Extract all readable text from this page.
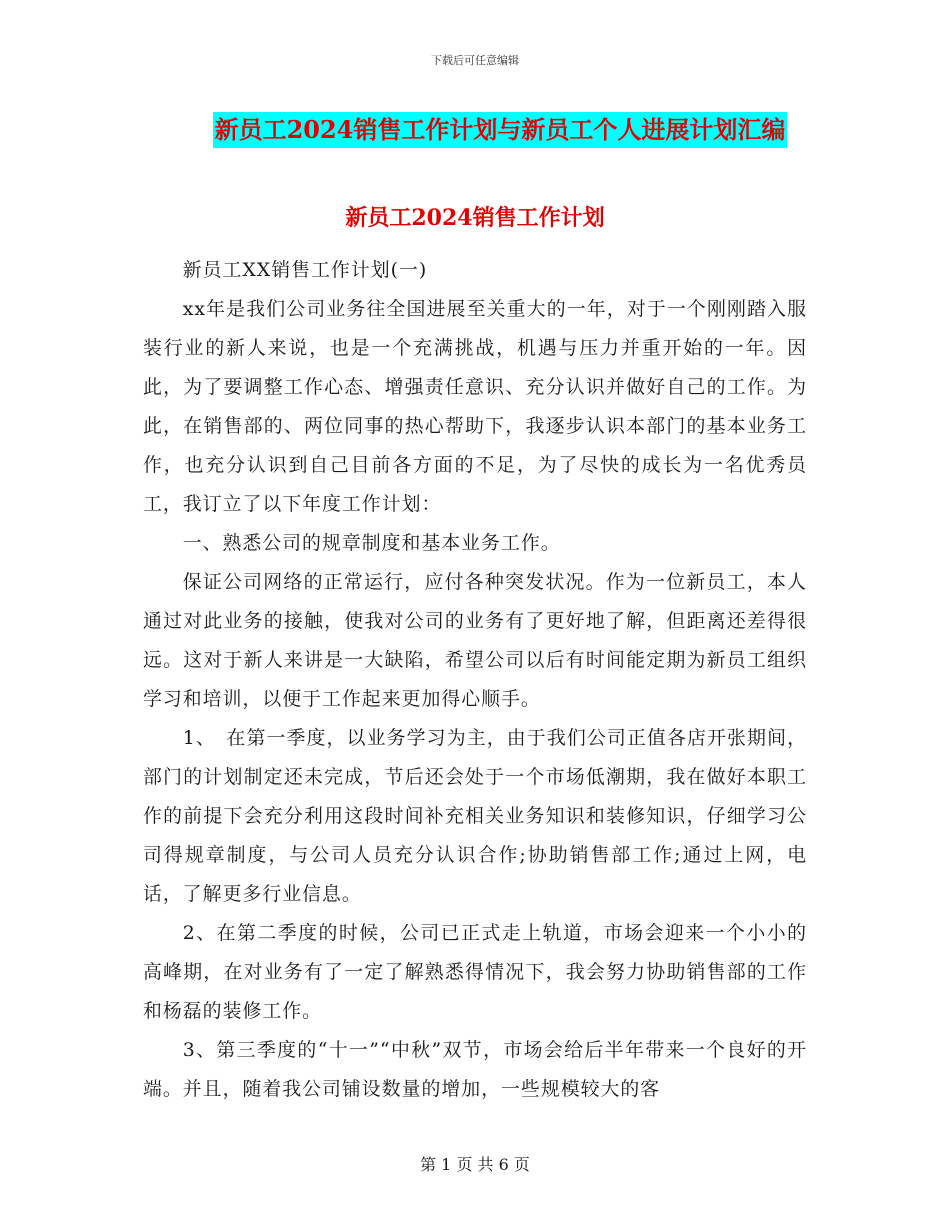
下载后可任意编辑
新员工2024销售工作计划与新员工个人进展计划汇编
新员工2024销售工作计划

新员工XX销售工作计划(一)

xx年是我们公司业务往全国进展至关重大的一年，对于一个刚刚踏入服装行业的新人来说，也是一个充满挑战，机遇与压力并重开始的一年。因此，为了要调整工作心态、增强责任意识、充分认识并做好自己的工作。为此，在销售部的、两位同事的热心帮助下，我逐步认识本部门的基本业务工作，也充分认识到自己目前各方面的不足，为了尽快的成长为一名优秀员工，我订立了以下年度工作计划：

一、熟悉公司的规章制度和基本业务工作。

保证公司网络的正常运行，应付各种突发状况。作为一位新员工，本人通过对此业务的接触，使我对公司的业务有了更好地了解，但距离还差得很远。这对于新人来讲是一大缺陷，希望公司以后有时间能定期为新员工组织学习和培训，以便于工作起来更加得心顺手。

1、　在第一季度，以业务学习为主，由于我们公司正值各店开张期间，部门的计划制定还未完成，节后还会处于一个市场低潮期，我在做好本职工作的前提下会充分利用这段时间补充相关业务知识和装修知识，仔细学习公司得规章制度，与公司人员充分认识合作;协助销售部工作;通过上网，电话，了解更多行业信息。

2、在第二季度的时候，公司已正式走上轨道，市场会迎来一个小小的高峰期，在对业务有了一定了解熟悉得情况下，我会努力协助销售部的工作和杨磊的装修工作。

3、第三季度的“十一”“中秋”双节，市场会给后半年带来一个良好的开端。并且，随着我公司铺设数量的增加，一些规模较大的客

第 1 页 共 6 页
